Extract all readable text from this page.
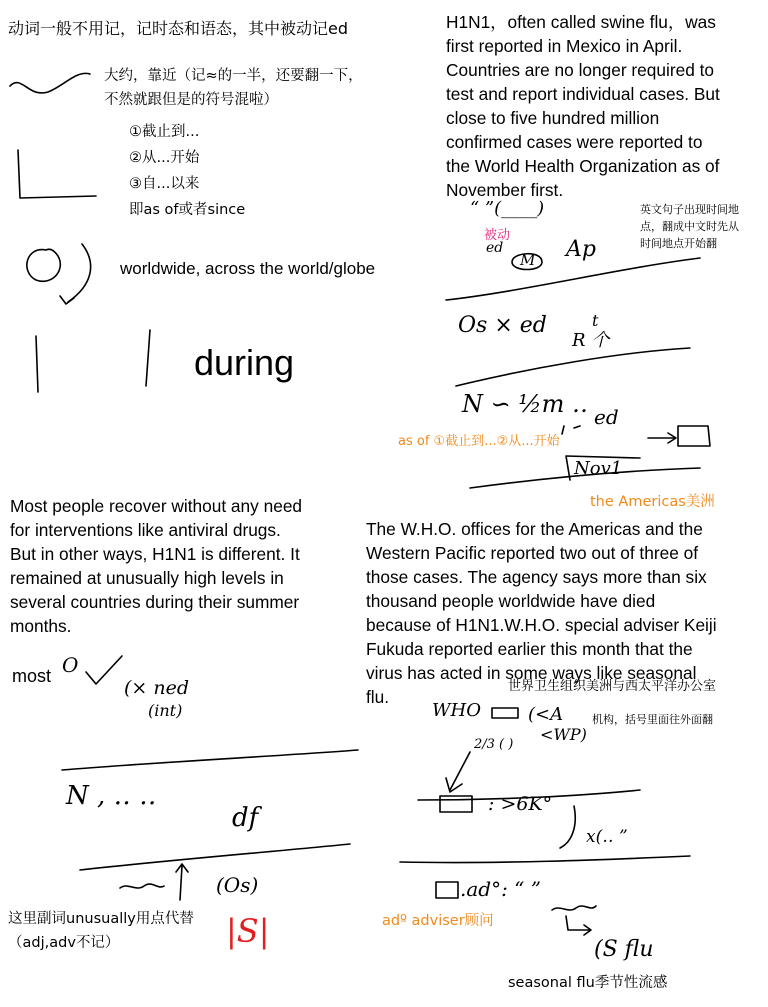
动词一般不用记，记时态和语态，其中被动记ed

大约，靠近（记≈的一半，还要翻一下，

不然就跟但是的符号混啦）

①截止到...

②从...开始

③自...以来

即as of或者since

worldwide, across the world/globe

during

英文句子出现时间地

点，翻成中文时先从

时间地点开始翻

被动

as of ①截止到...②从...开始

the Americas美洲

世界卫生组织美洲与西太平洋办公室

机构，括号里面往外面翻

这里副词unusually用点代替

（adj,adv不记）

adº adviser顾问

seasonal flu季节性流感

most

H1N1，often called swine flu，was
first reported in Mexico in April.
Countries are no longer required to
test and report individual cases. But
close to five hundred million
confirmed cases were reported to
the World Health Organization as of
November first.
Most people recover without any need
for interventions like antiviral drugs.
But in other ways, H1N1 is different. It
remained at unusually high levels in
several countries during their summer
months.
The W.H.O. offices for the Americas and the
Western Pacific reported two out of three of
those cases. The agency says more than six
thousand people worldwide have died
because of H1N1.W.H.O. special adviser Keiji
Fukuda reported earlier this month that the
virus has acted in some ways like seasonal
flu.
“ ”(____)
ed
M Ap
Os × ed	t
R 个
N ∽ ½m ‥ ed
Nov1
(× ned
(int)
N , ‥ ‥
df
(Os)
|S|
O
WHO	(<A
<WP)
2/3 ( )
: >6K°
x(‥ ”
.ad°: “ ”
(S flu
